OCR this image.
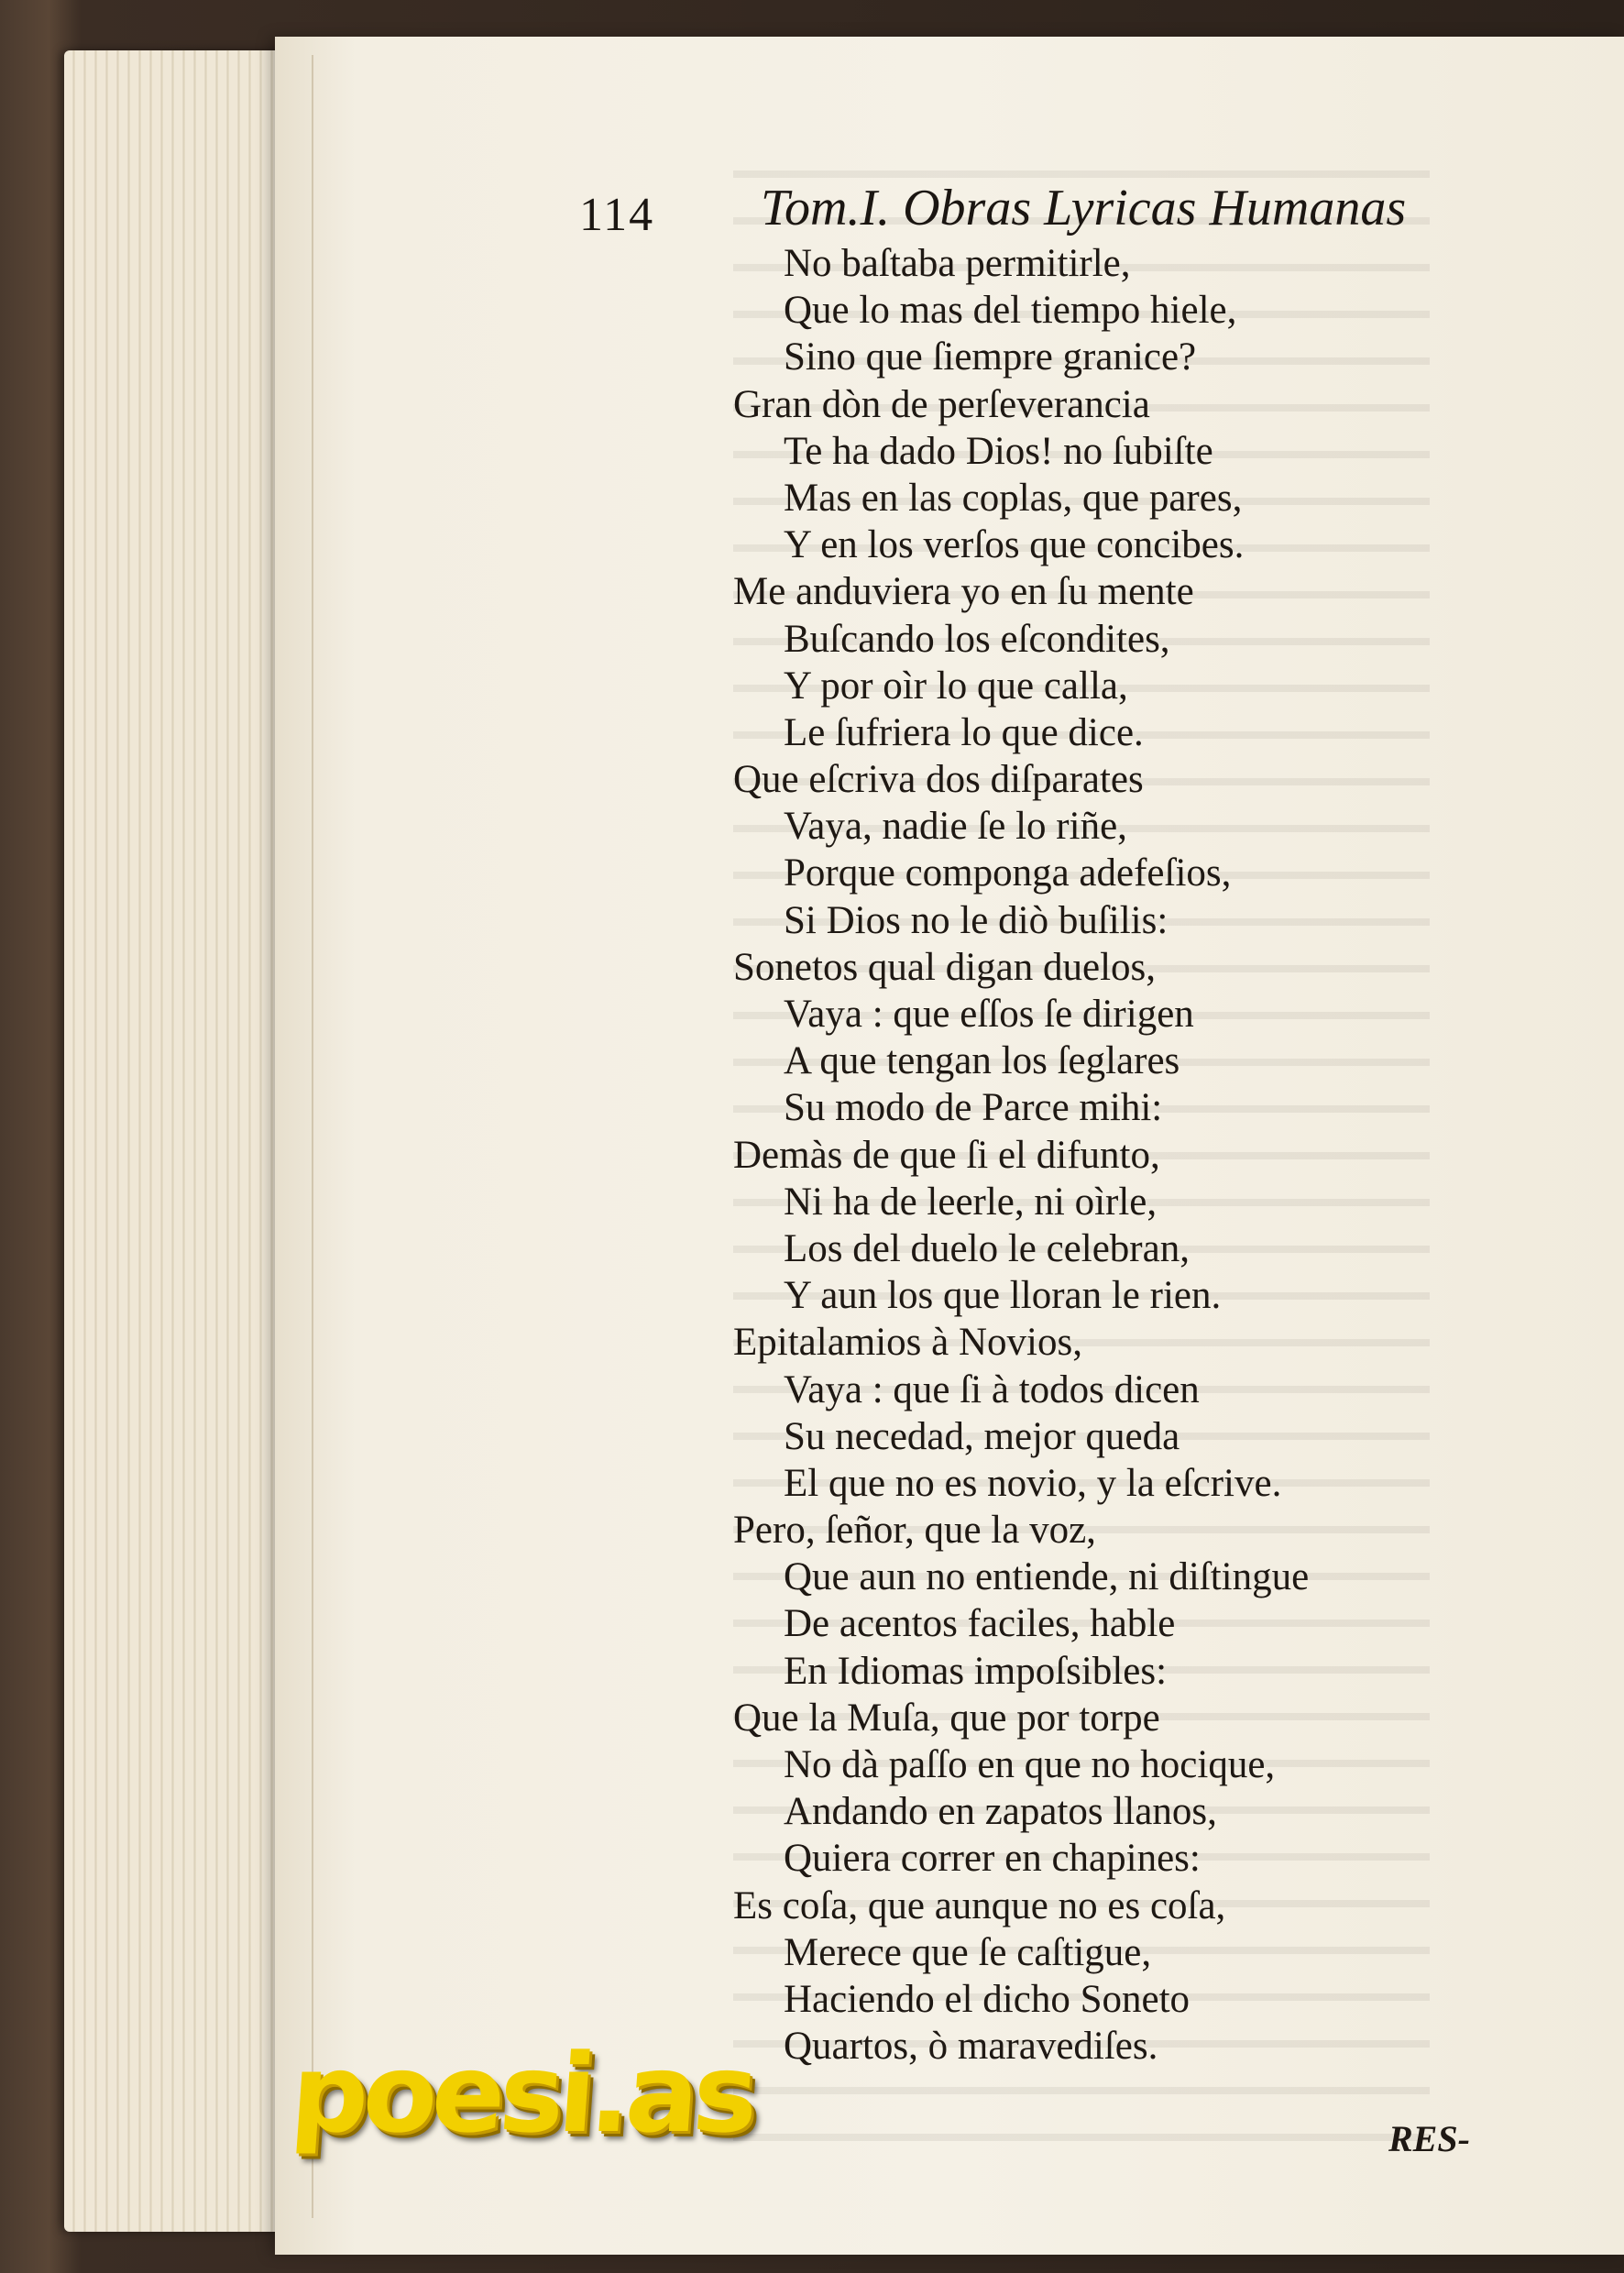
114 Tom.I. Obras Lyricas Humanas
No baſtaba permitirle,
Que lo mas del tiempo hiele,
Sino que ſiempre granice?
Gran dòn de perſeverancia
Te ha dado Dios! no ſubiſte
Mas en las coplas, que pares,
Y en los verſos que concibes.
Me anduviera yo en ſu mente
Buſcando los eſcondites,
Y por oìr lo que calla,
Le ſufriera lo que dice.
Que eſcriva dos diſparates
Vaya, nadie ſe lo riñe,
Porque componga adefeſios,
Si Dios no le diò buſilis:
Sonetos qual digan duelos,
Vaya : que eſſos ſe dirigen
A que tengan los ſeglares
Su modo de Parce mihi:
Demàs de que ſi el difunto,
Ni ha de leerle, ni oìrle,
Los del duelo le celebran,
Y aun los que lloran le rien.
Epitalamios à Novios,
Vaya : que ſi à todos dicen
Su necedad, mejor queda
El que no es novio, y la eſcrive.
Pero, ſeñor, que la voz,
Que aun no entiende, ni diſtingue
De acentos faciles, hable
En Idiomas impoſsibles:
Que la Muſa, que por torpe
No dà paſſo en que no hocique,
Andando en zapatos llanos,
Quiera correr en chapines:
Es coſa, que aunque no es coſa,
Merece que ſe caſtigue,
Haciendo el dicho Soneto
Quartos, ò maravediſes.
RES-
poesi.as
